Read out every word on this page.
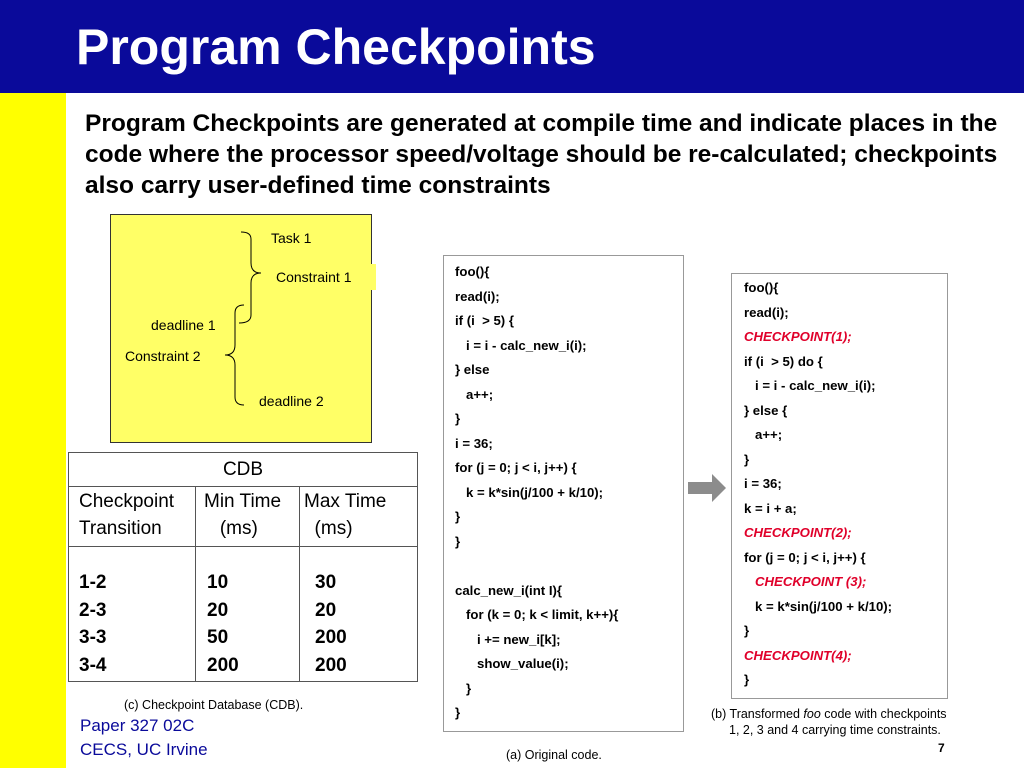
Program Checkpoints

Program Checkpoints are generated at compile time and indicate places in the code where the processor speed/voltage should be re-calculated; checkpoints also carry user-defined time constraints

Task 1
Constraint 1
deadline 1
Constraint 2
deadline 2
foo(){
read(i);
if (i  > 5) {
i = i - calc_new_i(i);
} else
a++;
}
i = 36;
for (j = 0; j < i, j++) {
k = k*sin(j/100 + k/10);
}
}
calc_new_i(int I){
for (k = 0; k < limit, k++){
i += new_i[k];
show_value(i);
}
}
(a) Original code.
foo(){
read(i);
CHECKPOINT(1);
if (i  > 5) do {
i = i - calc_new_i(i);
} else {
a++;
}
i = 36;
k = i + a;
CHECKPOINT(2);
for (j = 0; j < i, j++) {
CHECKPOINT (3);
k = k*sin(j/100 + k/10);
}
CHECKPOINT(4);
}
(b) Transformed foo code with checkpoints
1, 2, 3 and 4 carrying time constraints.
CDB
Checkpoint
Transition
Min Time
(ms)
Max Time
(ms)
1-2
2-3
3-3
3-4
10
20
50
200
30
20
200
200
(c) Checkpoint Database (CDB).
Paper 327 02C
CECS, UC Irvine	7
